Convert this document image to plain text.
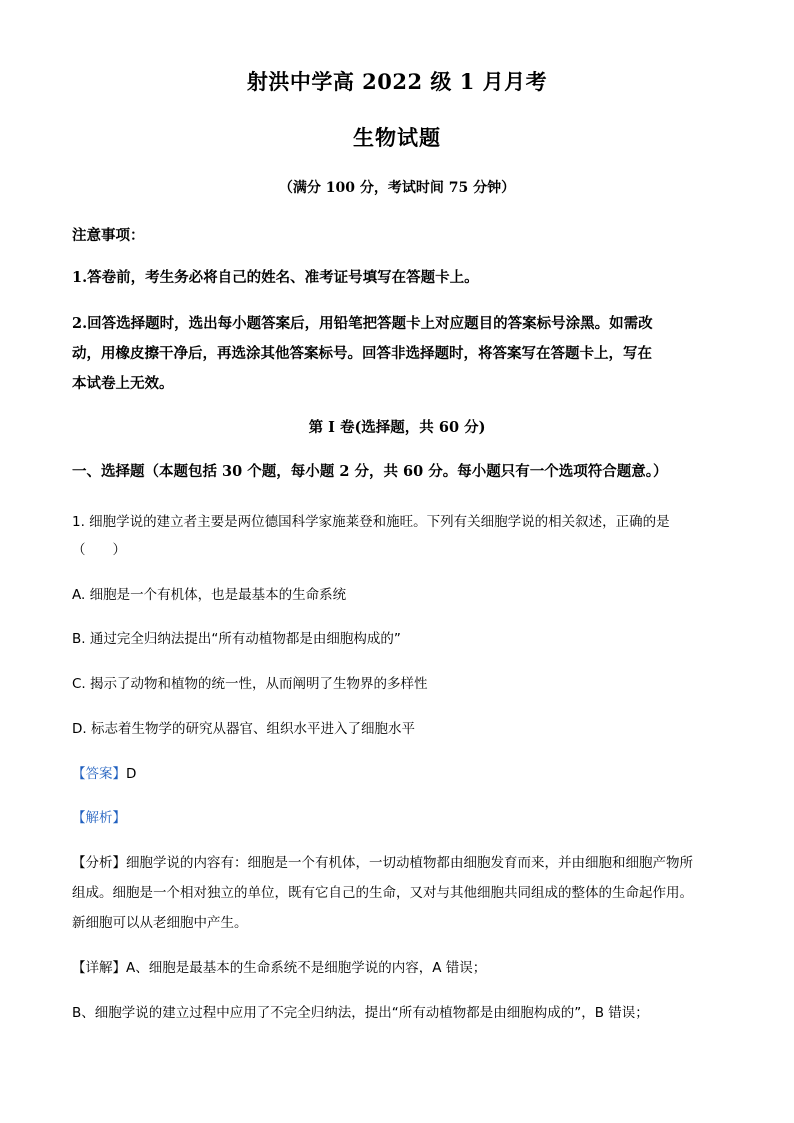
射洪中学高 2022 级 1 月月考
生物试题
（满分 100 分，考试时间 75 分钟）
注意事项：
1.答卷前，考生务必将自己的姓名、准考证号填写在答题卡上。
2.回答选择题时，选出每小题答案后，用铅笔把答题卡上对应题目的答案标号涂黑。如需改
动，用橡皮擦干净后，再选涂其他答案标号。回答非选择题时，将答案写在答题卡上，写在
本试卷上无效。
第 I 卷(选择题，共 60 分)
一、选择题（本题包括 30 个题，每小题 2 分，共 60 分。每小题只有一个选项符合题意。）
1. 细胞学说的建立者主要是两位德国科学家施莱登和施旺。下列有关细胞学说的相关叙述，正确的是
（　　）
A. 细胞是一个有机体，也是最基本的生命系统
B. 通过完全归纳法提出“所有动植物都是由细胞构成的”
C. 揭示了动物和植物的统一性，从而阐明了生物界的多样性
D. 标志着生物学的研究从器官、组织水平进入了细胞水平
【答案】D
【解析】
【分析】细胞学说的内容有：细胞是一个有机体，一切动植物都由细胞发育而来，并由细胞和细胞产物所
组成。细胞是一个相对独立的单位，既有它自己的生命，又对与其他细胞共同组成的整体的生命起作用。
新细胞可以从老细胞中产生。
【详解】A、细胞是最基本的生命系统不是细胞学说的内容，A 错误；
B、细胞学说的建立过程中应用了不完全归纳法，提出“所有动植物都是由细胞构成的”，B 错误；
